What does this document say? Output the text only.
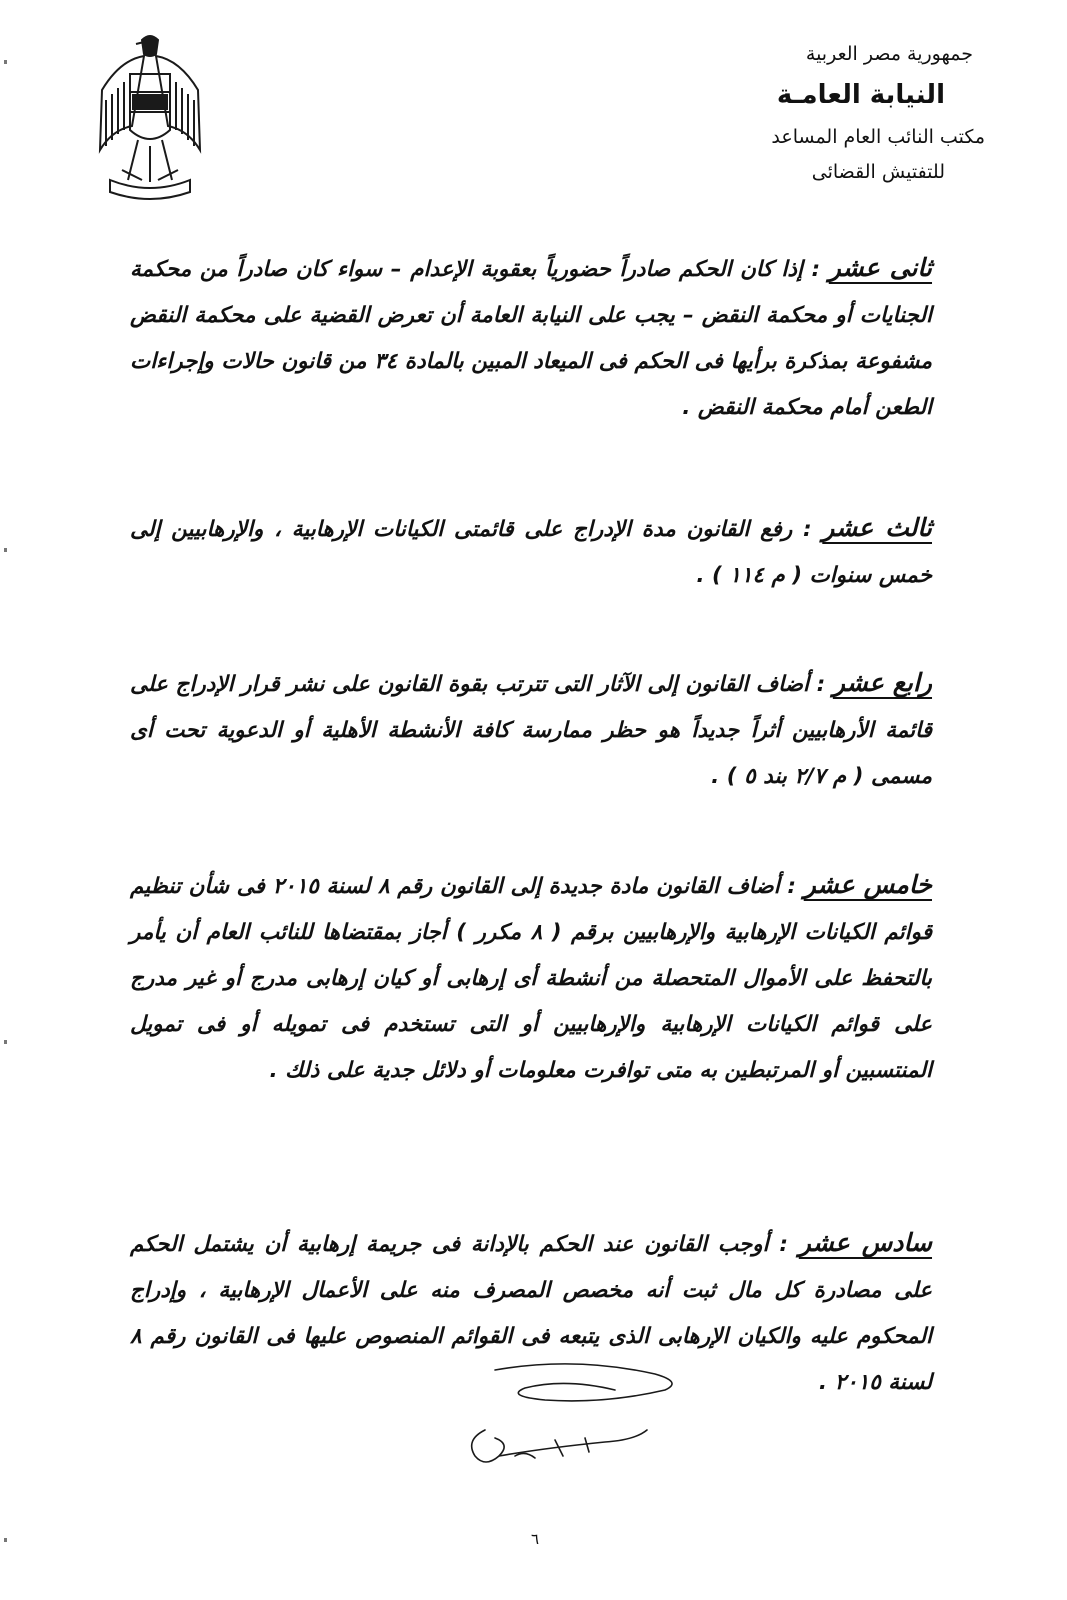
جمهورية مصر العربية
النيابة العامـة
مكتب النائب العام المساعد
للتفتيش القضائى

ثانى عشر : إذا كان الحكم صادراً حضورياً بعقوبة الإعدام – سواء كان صادراً من محكمة الجنايات أو محكمة النقض – يجب على النيابة العامة أن تعرض القضية على محكمة النقض مشفوعة بمذكرة برأيها فى الحكم فى الميعاد المبين بالمادة ٣٤ من قانون حالات وإجراءات الطعن أمام محكمة النقض .

ثالث عشر : رفع القانون مدة الإدراج على قائمتى الكيانات الإرهابية ، والإرهابيين إلى خمس سنوات ( م ١١٤ ) .

رابع عشر : أضاف القانون إلى الآثار التى تترتب بقوة القانون على نشر قرار الإدراج على قائمة الأرهابيين أثراً جديداً هو حظر ممارسة كافة الأنشطة الأهلية أو الدعوية تحت أى مسمى ( م ٢/٧ بند ٥ ) .

خامس عشر : أضاف القانون مادة جديدة إلى القانون رقم ٨ لسنة ٢٠١٥ فى شأن تنظيم قوائم الكيانات الإرهابية والإرهابيين برقم ( ٨ مكرر ) أجاز بمقتضاها للنائب العام أن يأمر بالتحفظ على الأموال المتحصلة من أنشطة أى إرهابى أو كيان إرهابى مدرج أو غير مدرج على قوائم الكيانات الإرهابية والإرهابيين أو التى تستخدم فى تمويله أو فى تمويل المنتسبين أو المرتبطين به متى توافرت معلومات أو دلائل جدية على ذلك .

سادس عشر : أوجب القانون عند الحكم بالإدانة فى جريمة إرهابية أن يشتمل الحكم على مصادرة كل مال ثبت أنه مخصص المصرف منه على الأعمال الإرهابية ، وإدراج المحكوم عليه والكيان الإرهابى الذى يتبعه فى القوائم المنصوص عليها فى القانون رقم ٨ لسنة ٢٠١٥ .

٦
